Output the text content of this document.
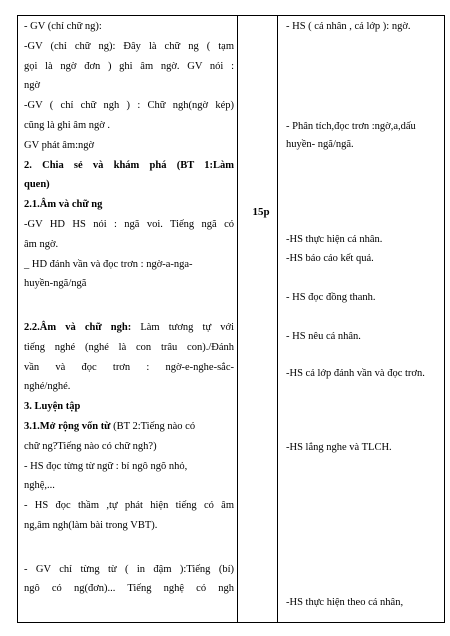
- GV (chỉ chữ ng):
-GV (chỉ chữ ng): Đây là chữ ng ( tạm
gọi là ngờ đơn ) ghi âm ngờ. GV nói :
ngờ
-GV ( chỉ chữ ngh ) : Chữ ngh(ngờ kép)
cũng là ghi âm ngờ .
GV phát âm:ngờ
2. Chia sẻ và khám phá (BT 1:Làm
quen)
2.1.Âm và chữ ng
-GV HD HS nói : ngã voi. Tiếng ngã có
âm ngờ.
_ HD đánh vần và đọc trơn : ngờ-a-nga-
huyền-ngã/ngã
2.2.Âm và chữ ngh: Làm tương tự với
tiếng nghé (nghé là con trâu con)./Đánh
vần và đọc trơn : ngờ-e-nghe-sắc-
nghé/nghé.
3. Luyện tập
3.1.Mở rộng vốn từ (BT 2:Tiếng nào có
chữ ng?Tiếng nào có chữ ngh?)
- HS đọc từng từ ngữ : bí ngô ngõ nhỏ,
nghệ,...
- HS đọc thầm ,tự phát hiện tiếng có âm
ng,âm ngh(làm bài trong VBT).
- GV chỉ từng từ ( in đậm ):Tiếng (bí)
ngô có ng(đơn)... Tiếng nghệ có ngh
15p
- HS ( cá nhân , cả lớp ): ngờ.
- Phân tích,đọc trơn :ngờ,a,dấu
huyền- ngã/ngã.
-HS thực hiện cá nhân.
-HS báo cáo kết quả.
- HS đọc đồng thanh.
- HS nêu cá nhân.
-HS cả lớp đánh vần và đọc trơn.
-HS lắng nghe và TLCH.
-HS thực hiện theo cá nhân,
